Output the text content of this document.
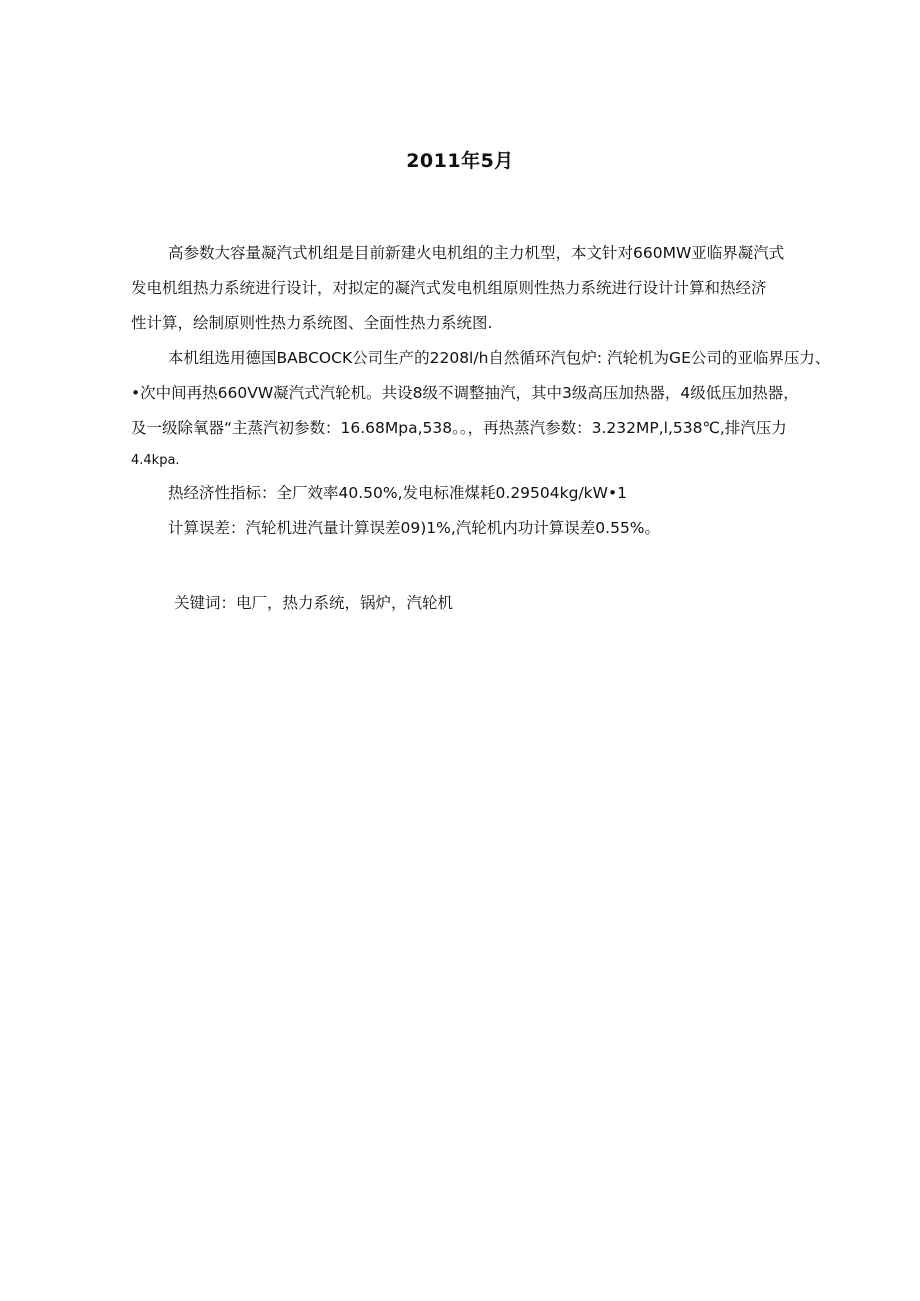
2011年5月
高参数大容量凝汽式机组是目前新建火电机组的主力机型，本文针对660MW亚临界凝汽式
发电机组热力系统进行设计，对拟定的凝汽式发电机组原则性热力系统进行设计计算和热经济
性计算，绘制原则性热力系统图、全面性热力系统图.
本机组选用德国BABCOCK公司生产的2208l/h自然循环汽包炉: 汽轮机为GE公司的亚临界压力、
•次中间再热660VW凝汽式汽轮机。共设8级不调整抽汽，其中3级高压加热器，4级低压加热器，
及一级除氧器“主蒸汽初参数：16.68Mpa,538。。，再热蒸汽参数：3.232MP,l,538℃,排汽压力
4.4kpa.
热经济性指标：全厂效率40.50%,发电标准煤耗0.29504kg/kW•1
计算误差：汽轮机进汽量计算误差09)1%,汽轮机内功计算误差0.55%。
关键词：电厂，热力系统，锅炉，汽轮机
